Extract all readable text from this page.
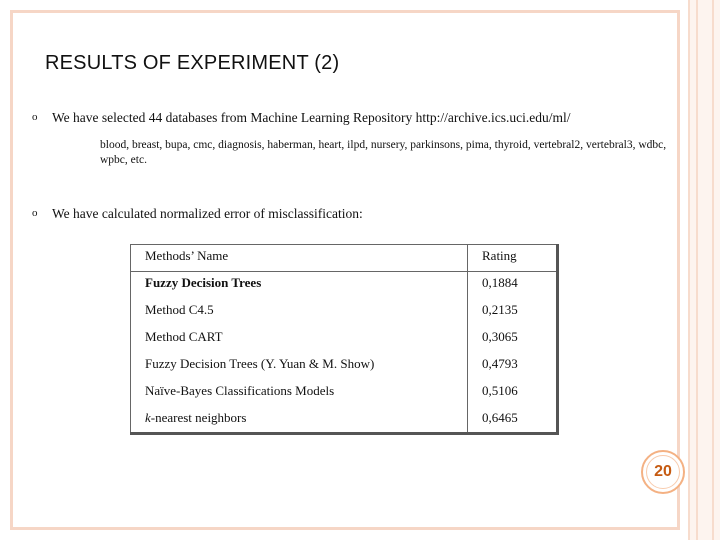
RESULTS OF EXPERIMENT (2)
o	We have selected 44 databases from Machine Learning Repository http://archive.ics.uci.edu/ml/
blood, breast, bupa, cmc, diagnosis, haberman, heart, ilpd, nursery, parkinsons, pima, thyroid, vertebral2, vertebral3, wdbc, wpbc, etc.
o	We have calculated normalized error of misclassification:
Methods’ Name	Rating
Fuzzy Decision Trees	0,1884
Method C4.5	0,2135
Method CART	0,3065
Fuzzy Decision Trees (Y. Yuan & M. Show)	0,4793
Naïve-Bayes Classifications Models	0,5106
k-nearest neighbors	0,6465
20
